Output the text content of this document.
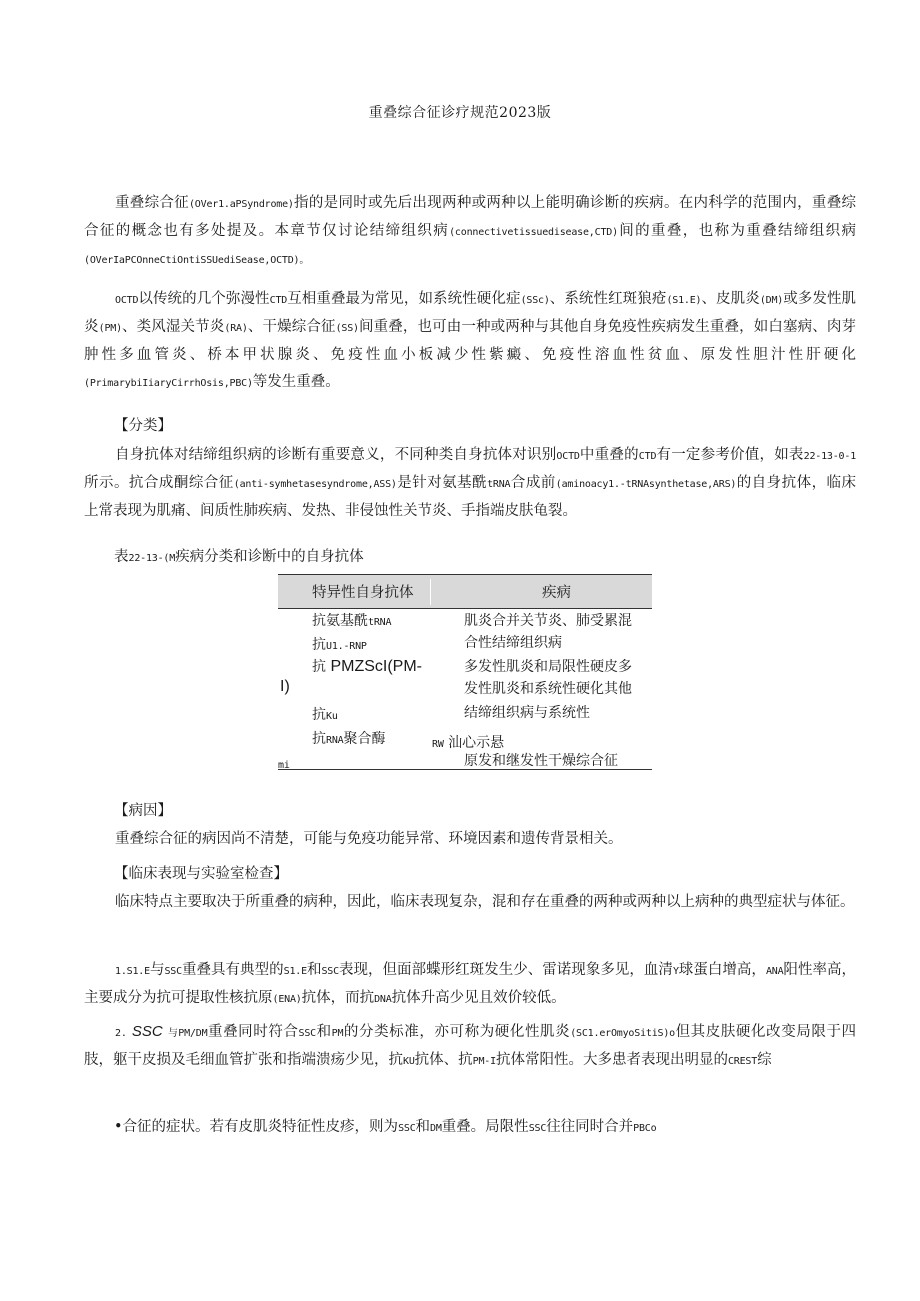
重叠综合征诊疗规范2023版

重叠综合征(OVer1.aPSyndrome)指的是同时或先后出现两种或两种以上能明确诊断的疾病。在内科学的范围内，重叠综合征的概念也有多处提及。本章节仅讨论结缔组织病(connectivetissuedisease,CTD)间的重叠，也称为重叠结缔组织病(OVerIaPCOnneCtiOntiSSUediSease,OCTD)。

OCTD以传统的几个弥漫性CTD互相重叠最为常见，如系统性硬化症(SSc)、系统性红斑狼疮(S1.E)、皮肌炎(DM)或多发性肌炎(PM)、类风湿关节炎(RA)、干燥综合征(SS)间重叠，也可由一种或两种与其他自身免疫性疾病发生重叠，如白塞病、肉芽肿性多血管炎、桥本甲状腺炎、免疫性血小板减少性紫癜、免疫性溶血性贫血、原发性胆汁性肝硬化(PrimarybiIiaryCirrhOsis,PBC)等发生重叠。

【分类】

自身抗体对结缔组织病的诊断有重要意义，不同种类自身抗体对识别OCTD中重叠的CTD有一定参考价值，如表22-13-0-1所示。抗合成酮综合征(anti-symhetasesyndrome,ASS)是针对氨基酰tRNA合成前(aminoacy1.-tRNAsynthetase,ARS)的自身抗体，临床上常表现为肌痛、间质性肺疾病、发热、非侵蚀性关节炎、手指端皮肤龟裂。

表22-13-(M疾病分类和诊断中的自身抗体

特异性自身抗体	疾病
抗氨基酰tRNA
抗U1.-RNP
抗 PMZScI(PM-
I)
抗Ku
抗RNA聚合酶
mi
肌炎合并关节炎、肺受累混
合性结缔组织病
多发性肌炎和局限性硬皮多
发性肌炎和系统性硬化其他
结缔组织病与系统性
RW 汕心示悬
原发和继发性干燥综合征

【病因】

重叠综合征的病因尚不清楚，可能与免疫功能异常、环境因素和遗传背景相关。

【临床表现与实验室检查】

临床特点主要取决于所重叠的病种，因此，临床表现复杂，混和存在重叠的两种或两种以上病种的典型症状与体征。

1.S1.E与SSC重叠具有典型的S1.E和SSC表现，但面部蝶形红斑发生少、雷诺现象多见，血清Y球蛋白增高，ANA阳性率高，主要成分为抗可提取性核抗原(ENA)抗体，而抗DNA抗体升高少见且效价较低。

2. SSC 与PM/DM重叠同时符合SSC和PM的分类标准，亦可称为硬化性肌炎(SC1.erOmyoSitiS)o但其皮肤硬化改变局限于四肢，躯干皮损及毛细血管扩张和指端溃疡少见，抗KU抗体、抗PM-I抗体常阳性。大多患者表现出明显的CREST综

•合征的症状。若有皮肌炎特征性皮疹，则为SSC和DM重叠。局限性SSC往往同时合并PBCo
